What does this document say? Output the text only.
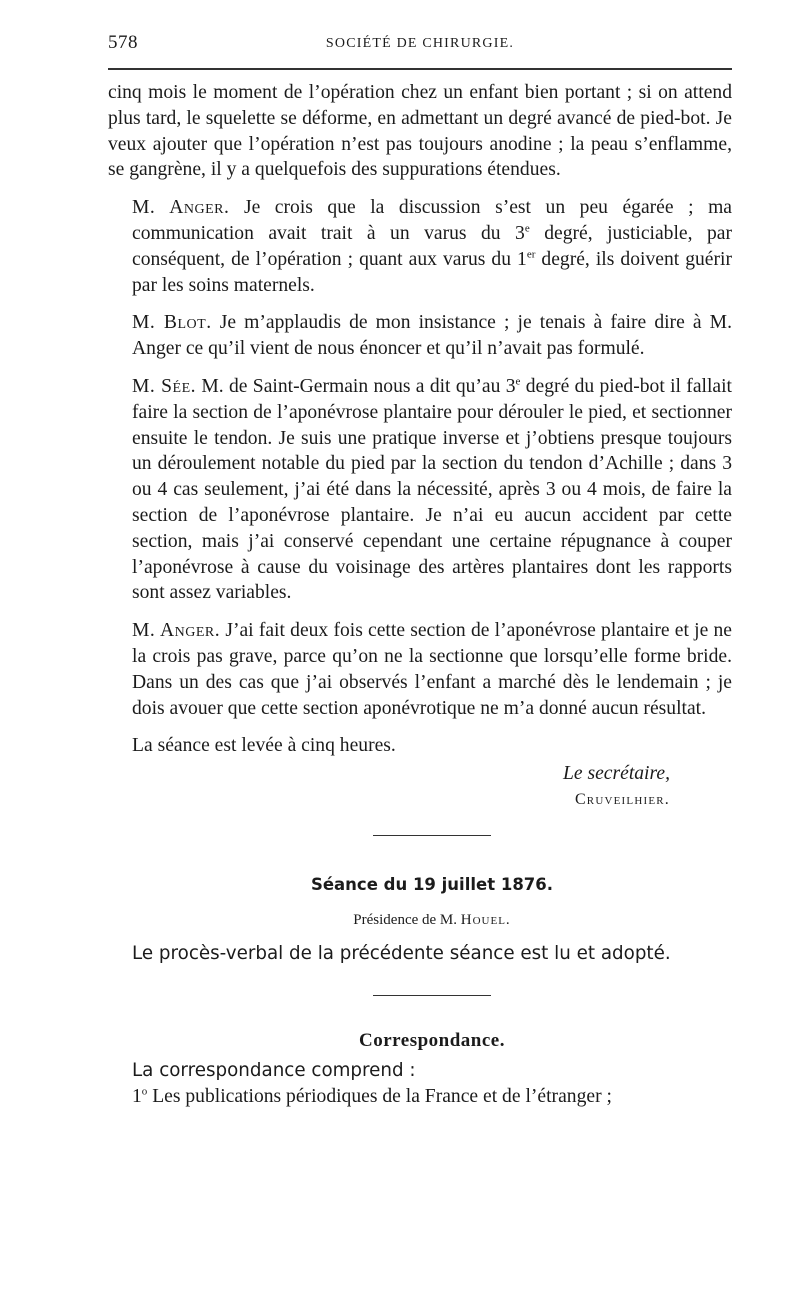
578	SOCIÉTÉ DE CHIRURGIE.

cinq mois le moment de l’opération chez un enfant bien portant ; si on attend plus tard, le squelette se déforme, en admettant un degré avancé de pied-bot. Je veux ajouter que l’opération n’est pas toujours anodine ; la peau s’enflamme, se gangrène, il y a quelquefois des suppurations étendues.

M. Anger. Je crois que la discussion s’est un peu égarée ; ma communication avait trait à un varus du 3e degré, justiciable, par conséquent, de l’opération ; quant aux varus du 1er degré, ils doivent guérir par les soins maternels.

M. Blot. Je m’applaudis de mon insistance ; je tenais à faire dire à M. Anger ce qu’il vient de nous énoncer et qu’il n’avait pas formulé.

M. Sée. M. de Saint-Germain nous a dit qu’au 3e degré du pied-bot il fallait faire la section de l’aponévrose plantaire pour dérouler le pied, et sectionner ensuite le tendon. Je suis une pratique inverse et j’obtiens presque toujours un déroulement notable du pied par la section du tendon d’Achille ; dans 3 ou 4 cas seulement, j’ai été dans la nécessité, après 3 ou 4 mois, de faire la section de l’aponévrose plantaire. Je n’ai eu aucun accident par cette section, mais j’ai conservé cependant une certaine répugnance à couper l’aponévrose à cause du voisinage des artères plantaires dont les rapports sont assez variables.

M. Anger. J’ai fait deux fois cette section de l’aponévrose plantaire et je ne la crois pas grave, parce qu’on ne la sectionne que lorsqu’elle forme bride. Dans un des cas que j’ai observés l’enfant a marché dès le lendemain ; je dois avouer que cette section aponévrotique ne m’a donné aucun résultat.

La séance est levée à cinq heures.

Le secrétaire,
Cruveilhier.
Séance du 19 juillet 1876.
Présidence de M. Houel.
Le procès-verbal de la précédente séance est lu et adopté.
Correspondance.
La correspondance comprend :
1$^o$ Les publications périodiques de la France et de l’étranger ;
